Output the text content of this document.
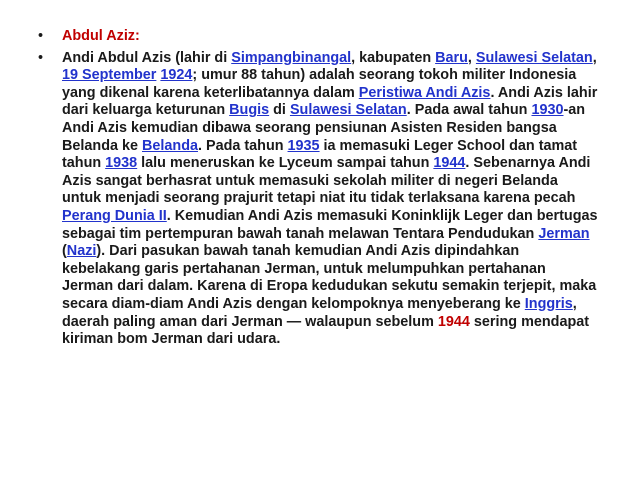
• Abdul Aziz:
• Andi Abdul Azis (lahir di Simpangbinangal, kabupaten Baru, Sulawesi Selatan, 19 September 1924; umur 88 tahun) adalah seorang tokoh militer Indonesia yang dikenal karena keterlibatannya dalam Peristiwa Andi Azis. Andi Azis lahir dari keluarga keturunan Bugis di Sulawesi Selatan. Pada awal tahun 1930-an Andi Azis kemudian dibawa seorang pensiunan Asisten Residen bangsa Belanda ke Belanda. Pada tahun 1935 ia memasuki Leger School dan tamat tahun 1938 lalu meneruskan ke Lyceum sampai tahun 1944. Sebenarnya Andi Azis sangat berhasrat untuk memasuki sekolah militer di negeri Belanda untuk menjadi seorang prajurit tetapi niat itu tidak terlaksana karena pecah Perang Dunia II. Kemudian Andi Azis memasuki Koninklijk Leger dan bertugas sebagai tim pertempuran bawah tanah melawan Tentara Pendudukan Jerman (Nazi). Dari pasukan bawah tanah kemudian Andi Azis dipindahkan kebelakang garis pertahanan Jerman, untuk melumpuhkan pertahanan Jerman dari dalam. Karena di Eropa kedudukan sekutu semakin terjepit, maka secara diam-diam Andi Azis dengan kelompoknya menyeberang ke Inggris, daerah paling aman dari Jerman — walaupun sebelum 1944 sering mendapat kiriman bom Jerman dari udara.
